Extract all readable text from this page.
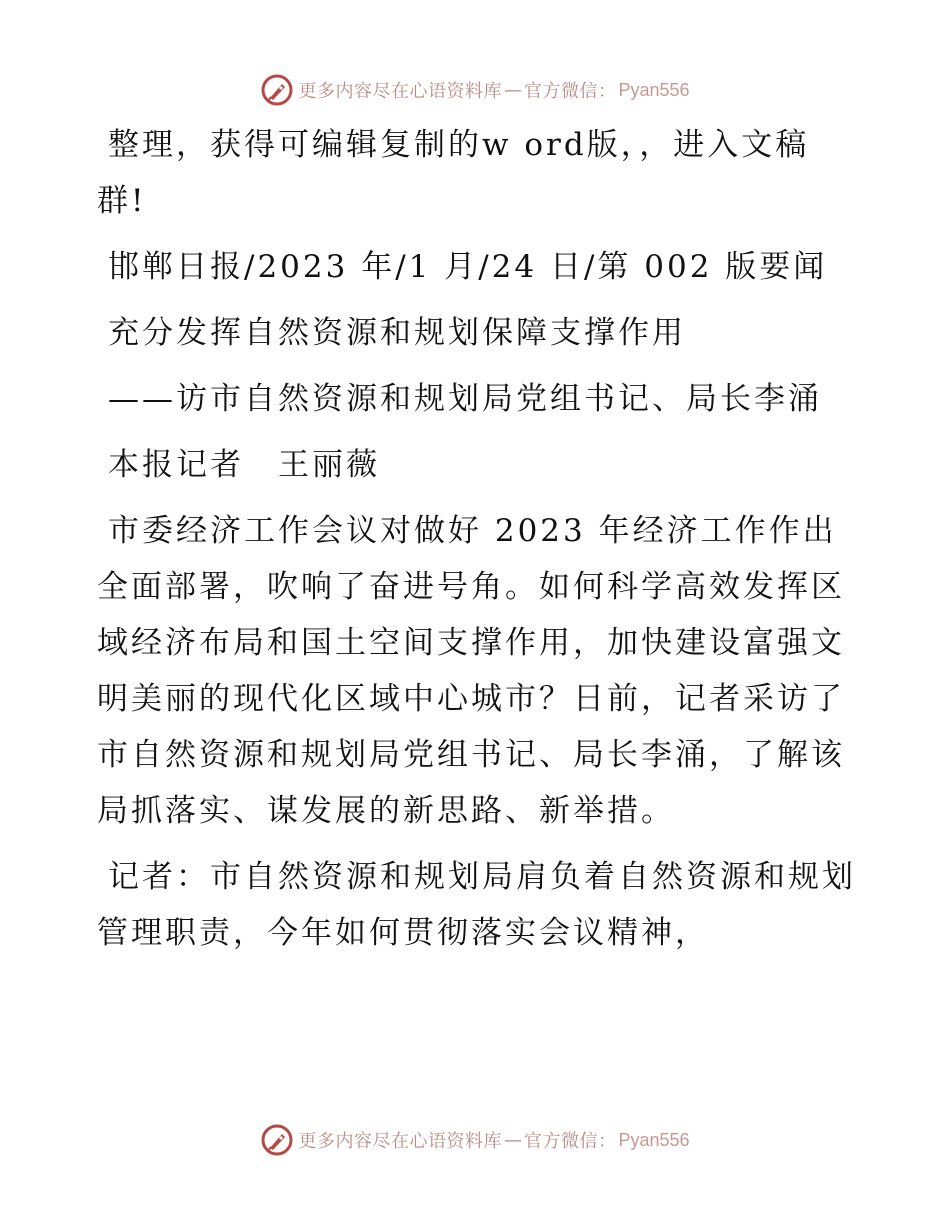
更多内容尽在心语资料库 — 官方微信： Pyan556

整理，获得可编辑复制的w ord版，，进入文稿群!

邯郸日报/2023 年/1 月/24 日/第 002 版要闻

充分发挥自然资源和规划保障支撑作用

——访市自然资源和规划局党组书记、局长李涌

本报记者　王丽薇

市委经济工作会议对做好 2023 年经济工作作出全面部署，吹响了奋进号角。如何科学高效发挥区域经济布局和国土空间支撑作用，加快建设富强文明美丽的现代化区域中心城市？日前，记者采访了市自然资源和规划局党组书记、局长李涌，了解该局抓落实、谋发展的新思路、新举措。

记者：市自然资源和规划局肩负着自然资源和规划管理职责，今年如何贯彻落实会议精神，

更多内容尽在心语资料库 — 官方微信： Pyan556
